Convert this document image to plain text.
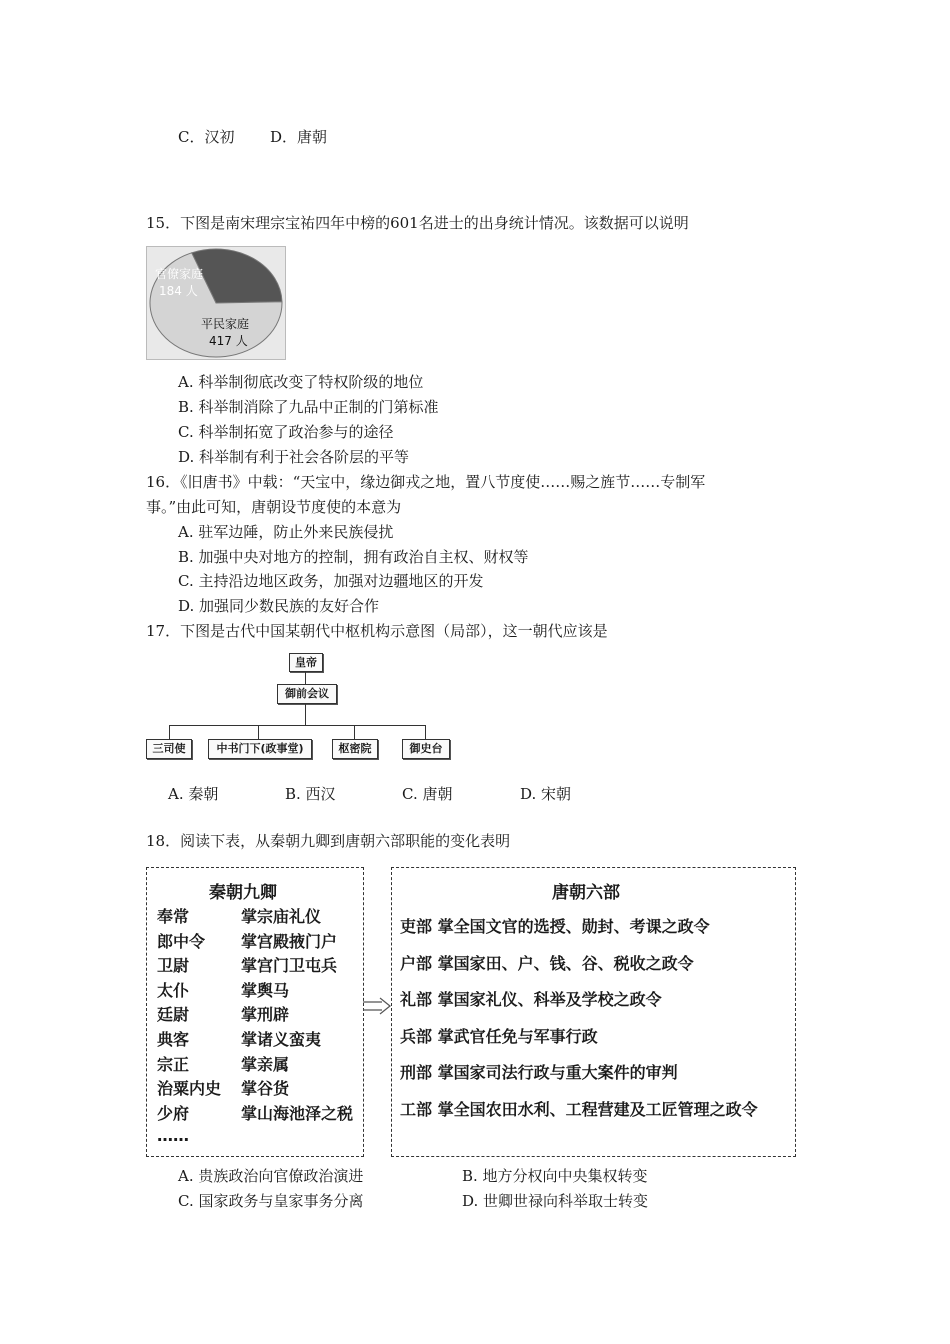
C．汉初 D．唐朝
15．下图是南宋理宗宝祐四年中榜的601名进士的出身统计情况。该数据可以说明
官僚家庭
184 人
平民家庭
417 人
A. 科举制彻底改变了特权阶级的地位
B. 科举制消除了九品中正制的门第标准
C. 科举制拓宽了政治参与的途径
D. 科举制有利于社会各阶层的平等
16．《旧唐书》中载：“天宝中，缘边御戎之地，置八节度使……赐之旌节……专制军
事。”由此可知，唐朝设节度使的本意为
A. 驻军边陲，防止外来民族侵扰
B. 加强中央对地方的控制，拥有政治自主权、财权等
C. 主持沿边地区政务，加强对边疆地区的开发
D. 加强同少数民族的友好合作
17．下图是古代中国某朝代中枢机构示意图（局部），这一朝代应该是
皇帝
御前会议
三司使	中书门下(政事堂)	枢密院	御史台
A. 秦朝	B. 西汉	C. 唐朝	D. 宋朝
18．阅读下表，从秦朝九卿到唐朝六部职能的变化表明
秦朝九卿
奉常	掌宗庙礼仪
郎中令 掌宫殿掖门户
卫尉	掌宫门卫屯兵
太仆	掌舆马
廷尉	掌刑辟
典客	掌诸义蛮夷
宗正	掌亲属
治粟内史 掌谷货
少府	掌山海池泽之税
……
唐朝六部
吏部 掌全国文官的选授、勋封、考课之政令
户部 掌国家田、户、钱、谷、税收之政令
礼部 掌国家礼仪、科举及学校之政令
兵部 掌武官任免与军事行政
刑部 掌国家司法行政与重大案件的审判
工部 掌全国农田水利、工程营建及工匠管理之政令
A. 贵族政治向官僚政治演进	B. 地方分权向中央集权转变
C. 国家政务与皇家事务分离	D. 世卿世禄向科举取士转变
